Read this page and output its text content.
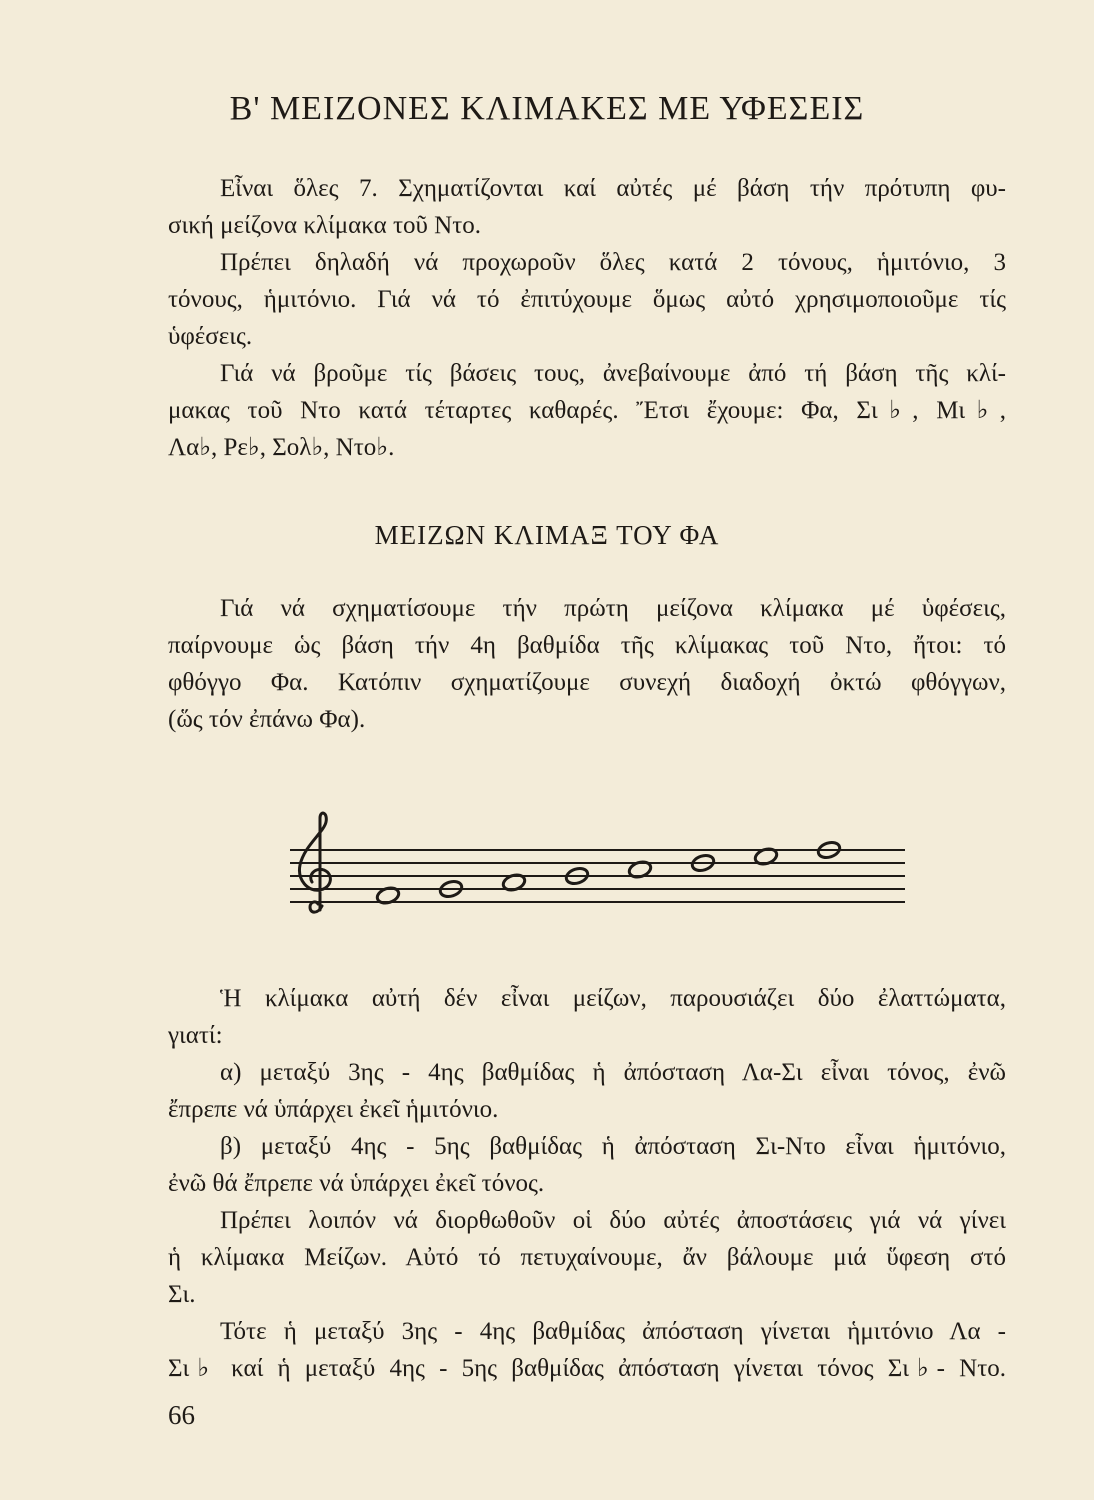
Β' ΜΕΙΖΟΝΕΣ ΚΛΙΜΑΚΕΣ ΜΕ ΥΦΕΣΕΙΣ
Εἶναι ὅλες 7. Σχηματίζονται καί αὐτές μέ βάση τήν πρότυπη φυ-
σική μείζονα κλίμακα τοῦ Ντο.
Πρέπει δηλαδή νά προχωροῦν ὅλες κατά 2 τόνους, ἡμιτόνιο, 3
τόνους, ἡμιτόνιο. Γιά νά τό ἐπιτύχουμε ὅμως αὐτό χρησιμοποιοῦμε τίς
ὑφέσεις.
Γιά νά βροῦμε τίς βάσεις τους, ἀνεβαίνουμε ἀπό τή βάση τῆς κλί-
μακας τοῦ Ντο κατά τέταρτες καθαρές. Ἔτσι ἔχουμε: Φα, Σι♭, Μι♭,
Λα♭, Ρε♭, Σολ♭, Ντο♭.
ΜΕΙΖΩΝ ΚΛΙΜΑΞ ΤΟΥ ΦΑ
Γιά νά σχηματίσουμε τήν πρώτη μείζονα κλίμακα μέ ὑφέσεις,
παίρνουμε ὡς βάση τήν 4η βαθμίδα τῆς κλίμακας τοῦ Ντο, ἤτοι: τό
φθόγγο Φα. Κατόπιν σχηματίζουμε συνεχή διαδοχή ὀκτώ φθόγγων,
(ὥς τόν ἐπάνω Φα).
Ἡ κλίμακα αὐτή δέν εἶναι μείζων, παρουσιάζει δύο ἐλαττώματα,
γιατί:
α) μεταξύ 3ης - 4ης βαθμίδας ἡ ἀπόσταση Λα-Σι εἶναι τόνος, ἐνῶ
ἔπρεπε νά ὑπάρχει ἐκεῖ ἡμιτόνιο.
β) μεταξύ 4ης - 5ης βαθμίδας ἡ ἀπόσταση Σι-Ντο εἶναι ἡμιτόνιο,
ἐνῶ θά ἔπρεπε νά ὑπάρχει ἐκεῖ τόνος.
Πρέπει λοιπόν νά διορθωθοῦν οἱ δύο αὐτές ἀποστάσεις γιά νά γίνει
ἡ κλίμακα Μείζων. Αὐτό τό πετυχαίνουμε, ἄν βάλουμε μιά ὕφεση στό
Σι.
Τότε ἡ μεταξύ 3ης - 4ης βαθμίδας ἀπόσταση γίνεται ἡμιτόνιο Λα -
Σι♭ καί ἡ μεταξύ 4ης - 5ης βαθμίδας ἀπόσταση γίνεται τόνος Σι♭- Ντο.
66
